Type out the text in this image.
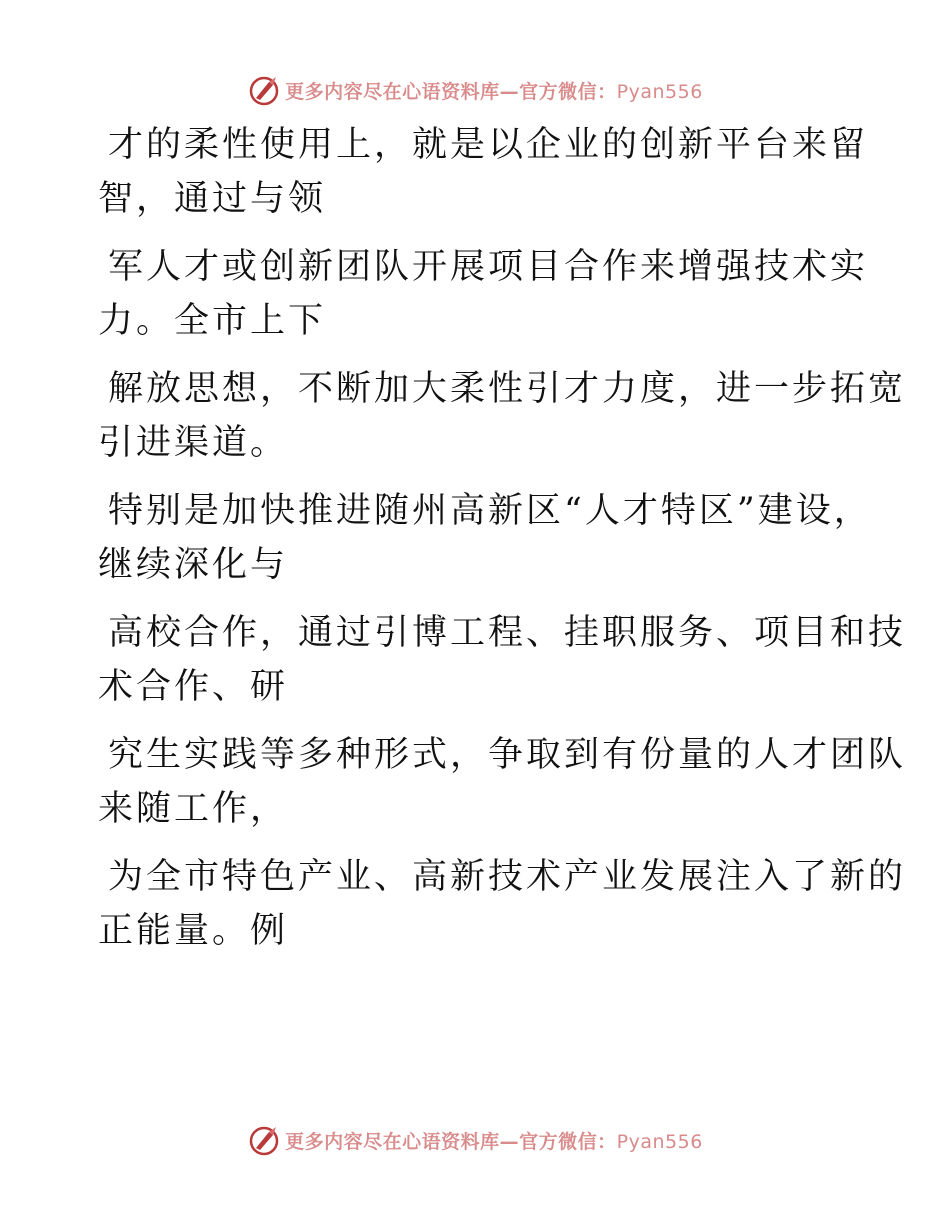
更多内容尽在心语资料库—官方微信：Pyan556
才的柔性使用上，就是以企业的创新平台来留
智，通过与领
军人才或创新团队开展项目合作来增强技术实
力。全市上下
解放思想，不断加大柔性引才力度，进一步拓宽
引进渠道。
特别是加快推进随州高新区“人才特区”建设，
继续深化与
高校合作，通过引博工程、挂职服务、项目和技
术合作、研
究生实践等多种形式，争取到有份量的人才团队
来随工作，
为全市特色产业、高新技术产业发展注入了新的
正能量。例
更多内容尽在心语资料库—官方微信：Pyan556
